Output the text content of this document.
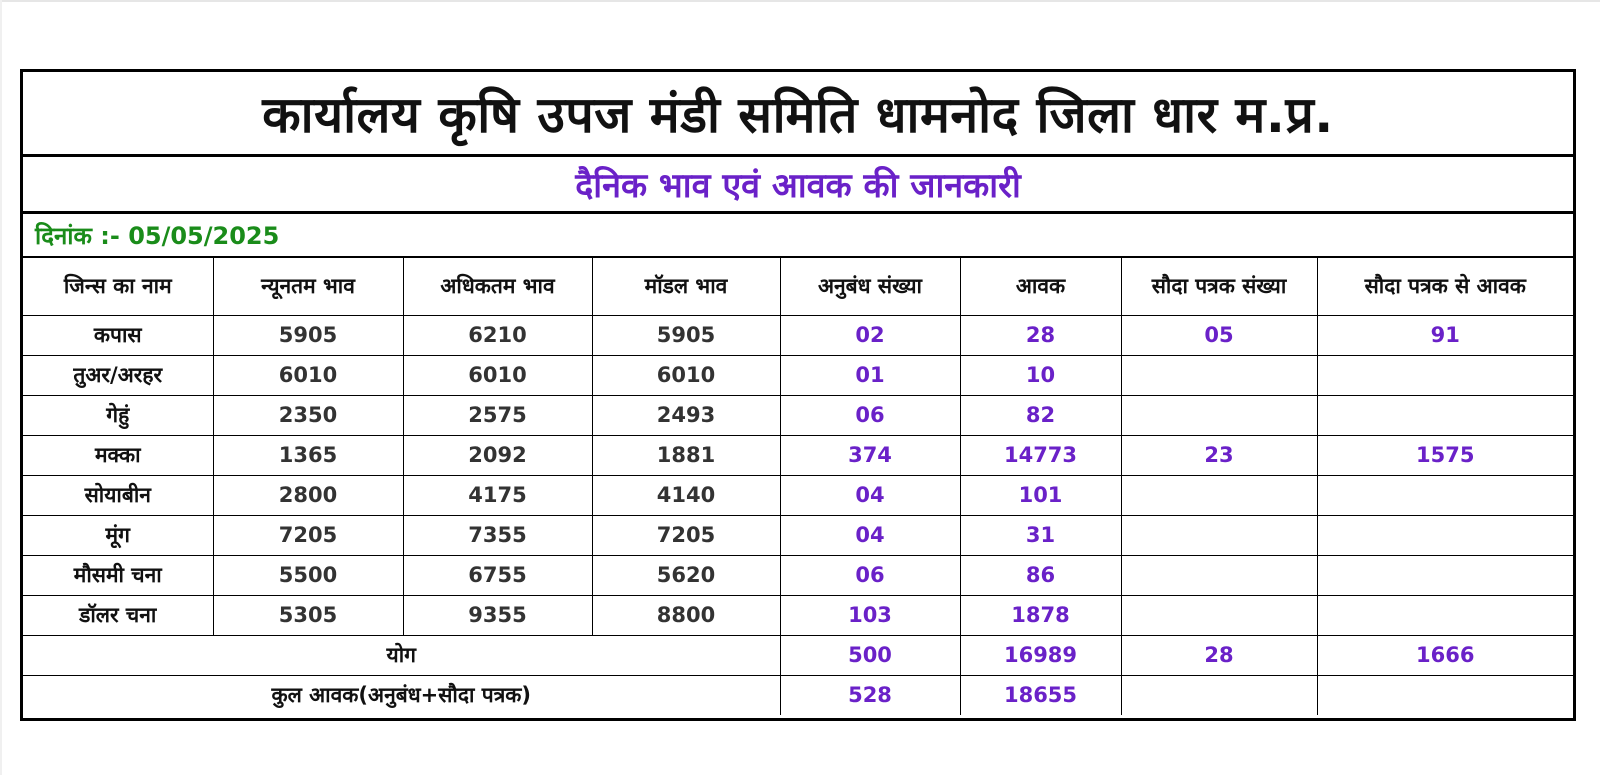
कार्यालय कृषि उपज मंडी समिति धामनोद जिला धार म.प्र.
दैनिक भाव एवं आवक की जानकारी
दिनांक :- 05/05/2025
जिन्स का नाम	न्यूनतम भाव	अधिकतम भाव	मॉडल भाव	अनुबंध संख्या	आवक	सौदा पत्रक संख्या	सौदा पत्रक से आवक
कपास	5905	6210	5905	02	28	05	91
तुअर/अरहर	6010	6010	6010	01	10		
गेहुं	2350	2575	2493	06	82		
मक्का	1365	2092	1881	374	14773	23	1575
सोयाबीन	2800	4175	4140	04	101		
मूंग	7205	7355	7205	04	31		
मौसमी चना	5500	6755	5620	06	86		
डॉलर चना	5305	9355	8800	103	1878		
योग				500	16989	28	1666
कुल आवक(अनुबंध+सौदा पत्रक)				528	18655		
